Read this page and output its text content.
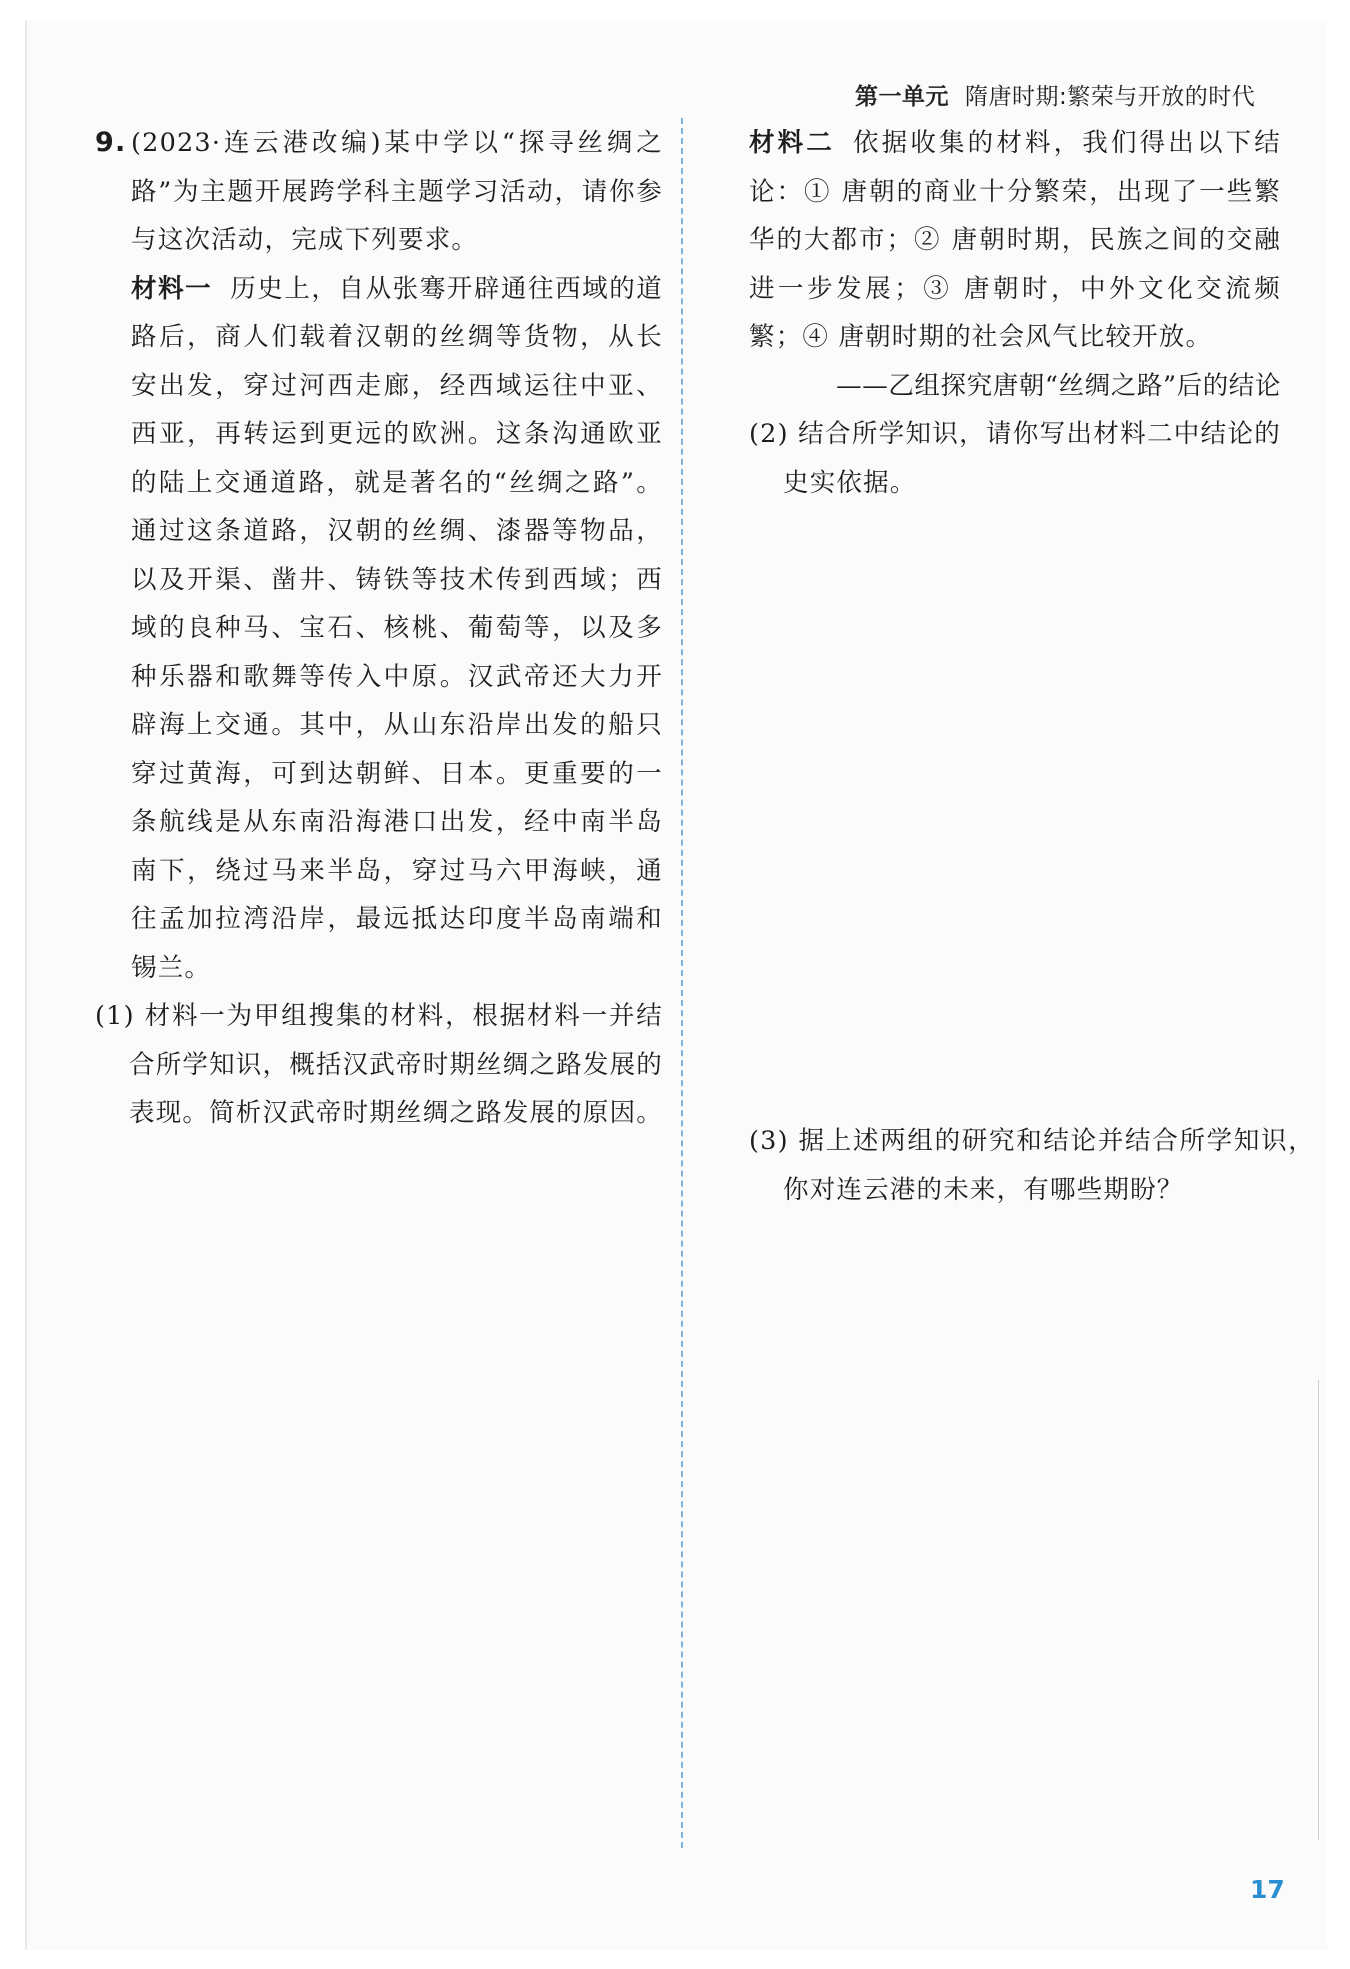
第一单元 隋唐时期:繁荣与开放的时代
9. (2023·连云港改编)某中学以“探寻丝绸之路”为主题开展跨学科主题学习活动，请你参与这次活动，完成下列要求。
材料一 历史上，自从张骞开辟通往西域的道路后，商人们载着汉朝的丝绸等货物，从长安出发，穿过河西走廊，经西域运往中亚、西亚，再转运到更远的欧洲。这条沟通欧亚的陆上交通道路，就是著名的“丝绸之路”。通过这条道路，汉朝的丝绸、漆器等物品，以及开渠、凿井、铸铁等技术传到西域；西域的良种马、宝石、核桃、葡萄等，以及多种乐器和歌舞等传入中原。汉武帝还大力开辟海上交通。其中，从山东沿岸出发的船只穿过黄海，可到达朝鲜、日本。更重要的一条航线是从东南沿海港口出发，经中南半岛南下，绕过马来半岛，穿过马六甲海峡，通往孟加拉湾沿岸，最远抵达印度半岛南端和锡兰。
(1) 材料一为甲组搜集的材料，根据材料一并结合所学知识，概括汉武帝时期丝绸之路发展的表现。简析汉武帝时期丝绸之路发展的原因。
材料二 依据收集的材料，我们得出以下结论：① 唐朝的商业十分繁荣，出现了一些繁华的大都市；② 唐朝时期，民族之间的交融进一步发展；③ 唐朝时，中外文化交流频繁；④ 唐朝时期的社会风气比较开放。
——乙组探究唐朝“丝绸之路”后的结论
(2) 结合所学知识，请你写出材料二中结论的史实依据。
(3) 据上述两组的研究和结论并结合所学知识，你对连云港的未来，有哪些期盼？
17
